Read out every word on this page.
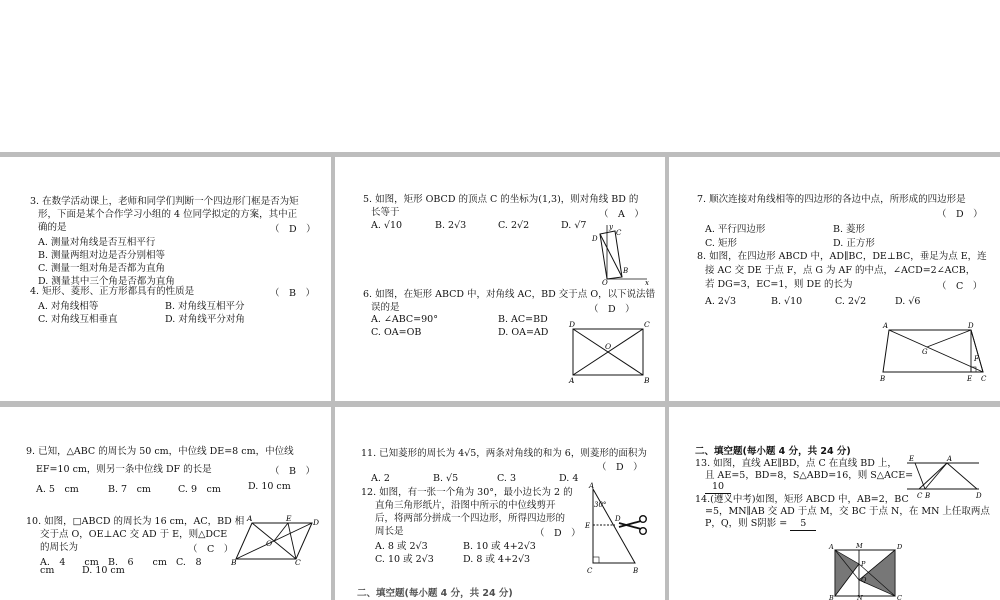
3. 在数学活动课上，老师和同学们判断一个四边形门框是否为矩
形，下面是某个合作学习小组的 4 位同学拟定的方案，其中正
确的是	（　D　）
A. 测量对角线是否互相平行
B. 测量两组对边是否分别相等
C. 测量一组对角是否都为直角
D. 测量其中三个角是否都为直角
4. 矩形、菱形、正方形都具有的性质是	（　B　）
A. 对角线相等	B. 对角线互相平分
C. 对角线互相垂直	D. 对角线平分对角
5. 如图，矩形 OBCD 的顶点 C 的坐标为(1,3)，则对角线 BD 的
长等于	（　A　）
A. √10	B. 2√3	C. 2√2	D. √7	y
D
C
B
O	x
6. 如图，在矩形 ABCD 中，对角线 AC，BD 交于点 O，以下说法错
误的是	（　D　）
A. ∠ABC=90°	B. AC=BD
C. OA=OB	D. OA=AD
D	C
O
A	B
7. 顺次连接对角线相等的四边形的各边中点，所形成的四边形是
（　D　）
A. 平行四边形	B. 菱形
C. 矩形	D. 正方形
8. 如图，在四边形 ABCD 中，AD∥BC，DE⊥BC，垂足为点 E，连
接 AC 交 DE 于点 F，点 G 为 AF 的中点，∠ACD=2∠ACB，
若 DG=3，EC=1，则 DE 的长为	（　C　）
A. 2√3	B. √10	C. 2√2	D. √6
A	D
G
F
B	E C
9. 已知，△ABC 的周长为 50 cm，中位线 DE=8 cm，中位线
EF=10 cm，则另一条中位线 DF 的长是	（　B　）
A. 5　cm	B. 7　cm	C. 9　cm	D. 10 cm
10. 如图，□ABCD 的周长为 16 cm，AC，BD 相
交于点 O，OE⊥AC 交 AD 于 E，则△DCE
的周长为	（　C　）
A.　4　　cm B.　6　　cm C.　8
cm	D. 10 cm
A	E	D
O
B	C
11. 已知菱形的周长为 4√5，两条对角线的和为 6，则菱形的面积为
（　D　）
A. 2	B. √5	C. 3	D. 4
12. 如图，有一张一个角为 30°，最小边长为 2 的
直角三角形纸片，沿图中所示的中位线剪开
后，将两部分拼成一个四边形，所得四边形的
周长是	（　D　）
A. 8 或 2√3	B. 10 或 4+2√3
C. 10 或 2√3	D. 8 或 4+2√3
二、填空题(每小题 4 分，共 24 分)
A
30°
E
D
C	B
二、填空题(每小题 4 分，共 24 分)
13. 如图，直线 AE∥BD，点 C 在直线 BD 上，
且 AE=5，BD=8，S△ABD=16，则 S△ACE=
10
E	A
C B	D
14.(遵义中考)如图，矩形 ABCD 中，AB=2，BC
=5，MN∥AB 交 AD 于点 M，交 BC 于点 N，在 MN 上任取两点
P，Q，则 S阴影 = 5
A	M	D
P
Q
B	N	C
